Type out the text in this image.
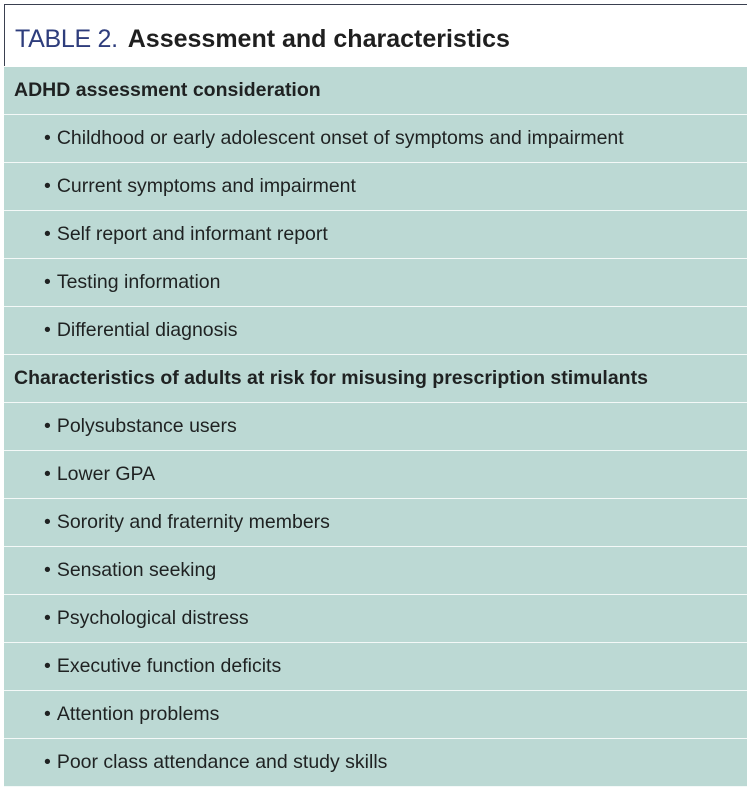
TABLE 2. Assessment and characteristics
ADHD assessment consideration
• Childhood or early adolescent onset of symptoms and impairment
• Current symptoms and impairment
• Self report and informant report
• Testing information
• Differential diagnosis
Characteristics of adults at risk for misusing prescription stimulants
• Polysubstance users
• Lower GPA
• Sorority and fraternity members
• Sensation seeking
• Psychological distress
• Executive function deficits
• Attention problems
• Poor class attendance and study skills
